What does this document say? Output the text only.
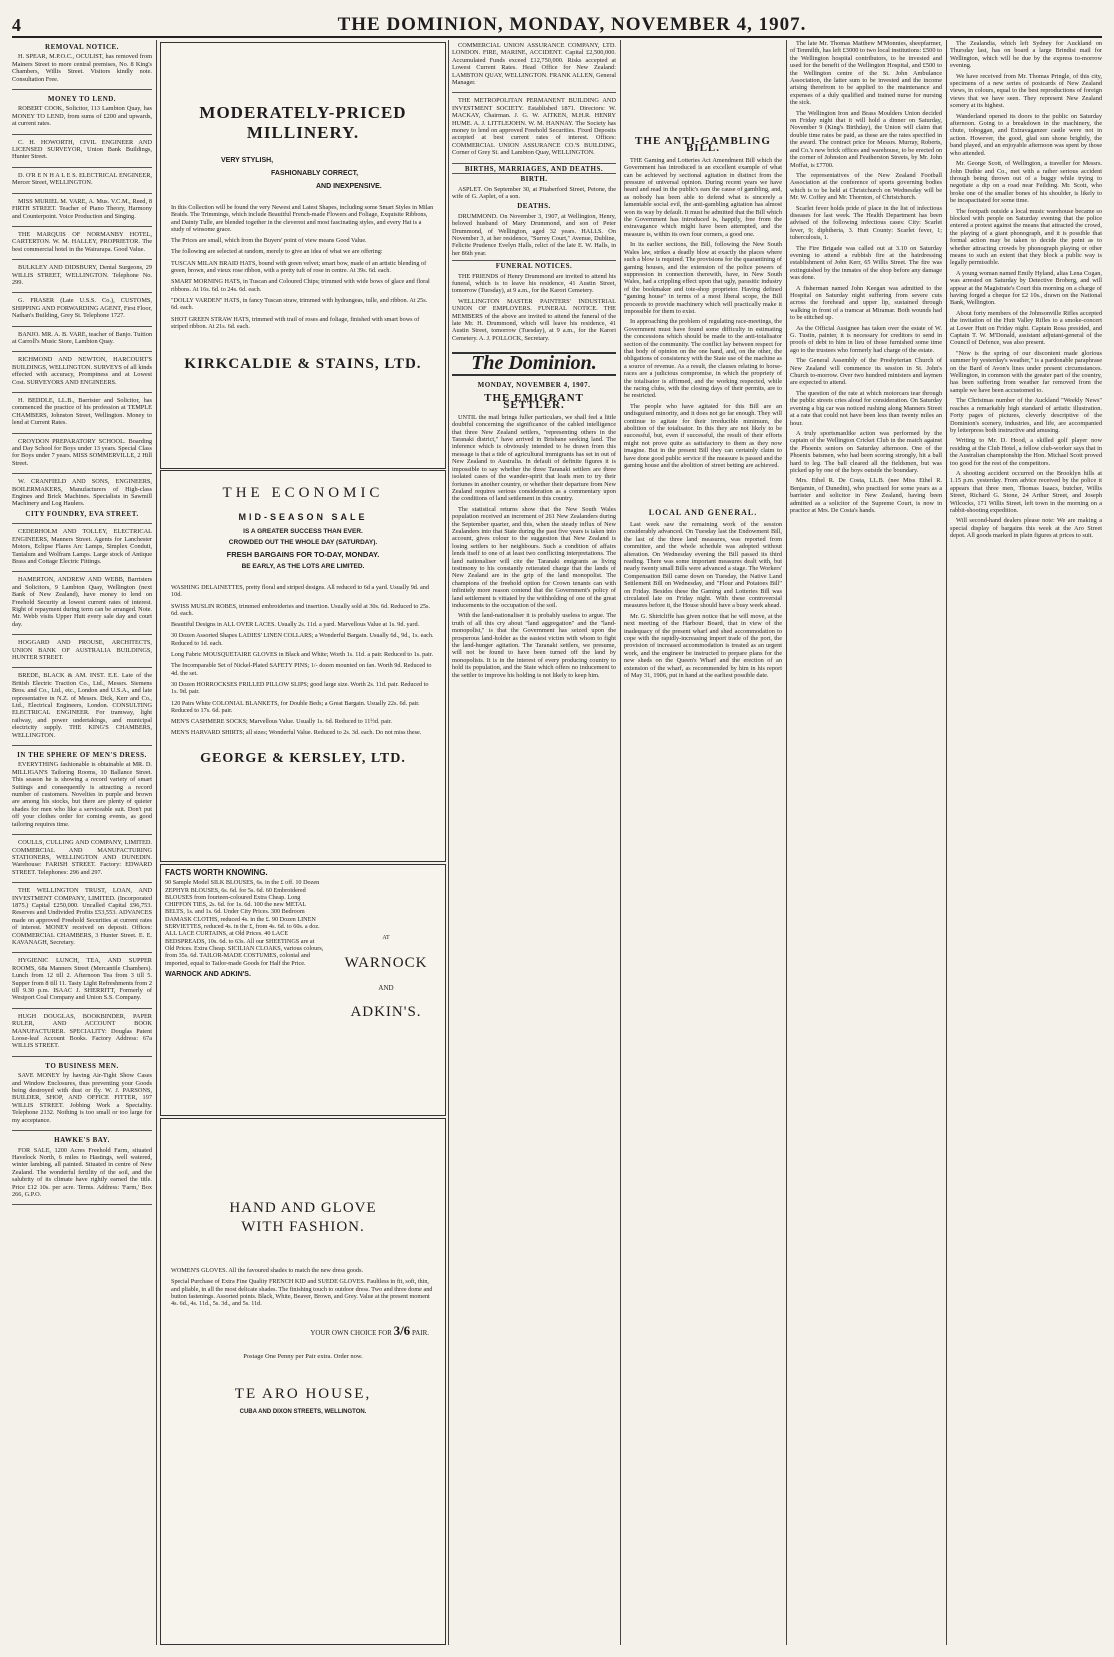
4	THE DOMINION, MONDAY, NOVEMBER 4, 1907.
REMOVAL NOTICE.

H. SPEAR, M.P.O.C., OCULIST, has removed from Mainers Street to more central premises, No. 8 King's Chambers, Willis Street. Visitors kindly note. Consultation Free.

MONEY TO LEND.

ROBERT COOK, Solicitor, 113 Lambton Quay, has MONEY TO LEND, from sums of £200 and upwards, at current rates.

C. H. HOWORTH, CIVIL ENGINEER AND LICENSED SURVEYOR, Union Bank Buildings, Hunter Street.

D. O'R E N H A L E S. ELECTRICAL ENGINEER, Mercer Street, WELLINGTON.

MISS MURIEL M. VARE, A. Mus. V.C.M., Reed, 8 FIRTH STREET. Teacher of Piano Theory, Harmony and Counterpoint. Voice Production and Singing.

THE MARQUIS OF NORMANBY HOTEL, CARTERTON. W. M. HALLEY, PROPRIETOR. The best commercial hotel in the Wairarapa. Good Value.

BULKLEY AND DIDSBURY, Dental Surgeons, 29 WILLIS STREET, WELLINGTON. Telephone No. 299.

G. FRASER (Late U.S.S. Co.), CUSTOMS, SHIPPING AND FORWARDING AGENT, First Floor, Nathan's Building, Grey St. Telephone 1727.

BANJO. MR. A. B. VARE, teacher of Banjo. Tuition at Carroll's Music Store, Lambton Quay.

RICHMOND AND NEWTON, HARCOURT'S BUILDINGS, WELLINGTON. SURVEYS of all kinds effected with accuracy, Promptness and at Lowest Cost. SURVEYORS AND ENGINEERS.

H. BEDDLE, LL.B., Barrister and Solicitor, has commenced the practice of his profession at TEMPLE CHAMBERS, Johnston Street, Wellington. Money to lend at Current Rates.

CROYDON PREPARATORY SCHOOL. Boarding and Day School for Boys under 13 years. Special Class for Boys under 7 years. MISS SOMMERVILLE, 2 Hill Street.

W. CRANFIELD AND SONS, ENGINEERS, BOILERMAKERS, Manufacturers of High-class Engines and Brick Machines. Specialists in Sawmill Machinery and Log Haulers.

CITY FOUNDRY, EVA STREET.

CEDERHOLM AND TOLLEY, ELECTRICAL ENGINEERS, Manners Street. Agents for Lanchester Motors, Eclipse Flares Arc Lamps, Simplex Conduit, Tantalum and Wolfram Lamps. Large stock of Antique Brass and Cottage Electric Fittings.

HAMERTON, ANDREW AND WEBB, Barristers and Solicitors, 9 Lambton Quay, Wellington (next Bank of New Zealand), have money to lend on Freehold Security at lowest current rates of interest. Right of repayment during term can be arranged. Note. Mr. Webb visits Upper Hutt every sale day and court day.

HOGGARD AND PROUSE, ARCHITECTS, UNION BANK OF AUSTRALIA BUILDINGS, HUNTER STREET.

BREDE, BLACK & AM. INST. E.E. Late of the British Electric Traction Co., Ltd., Messrs. Siemens Bros. and Co., Ltd., etc., London and U.S.A., and late representative in N.Z. of Messrs. Dick, Kerr and Co., Ltd., Electrical Engineers, London. CONSULTING ELECTRICAL ENGINEER. For tramway, light railway, and power undertakings, and municipal electricity supply. THE KING'S CHAMBERS, WELLINGTON.

IN THE SPHERE OF MEN'S DRESS.

EVERYTHING fashionable is obtainable at MR. D. MILLIGAN'S Tailoring Rooms, 10 Ballance Street. This season he is showing a record variety of smart Suitings and consequently is attracting a record number of customers. Novelties in purple and brown are among his stocks, but there are plenty of quieter shades for men who like a serviceable suit. Don't put off your clothes order for coming events, as good tailoring requires time.

COULLS, CULLING AND COMPANY, LIMITED. COMMERCIAL AND MANUFACTURING STATIONERS, WELLINGTON AND DUNEDIN. Warehouse: FARISH STREET. Factory: EDWARD STREET. Telephones: 296 and 297.

THE WELLINGTON TRUST, LOAN, AND INVESTMENT COMPANY, LIMITED. (Incorporated 1875.) Capital £250,000. Uncalled Capital £96,753. Reserves and Undivided Profits £53,553. ADVANCES made on approved Freehold Securities at current rates of interest. MONEY received on deposit. Offices: COMMERCIAL CHAMBERS, 3 Hunter Street. E. E. KAVANAGH, Secretary.

HYGIENIC LUNCH, TEA, AND SUPPER ROOMS, 68a Manners Street (Mercantile Chambers). Lunch from 12 till 2. Afternoon Tea from 3 till 5. Supper from 8 till 11. Tasty Light Refreshments from 2 till 9.30 p.m. ISAAC J. SHERRITT, Formerly of Westport Coal Company and Union S.S. Company.

HUGH DOUGLAS, BOOKBINDER, PAPER RULER, AND ACCOUNT BOOK MANUFACTURER. SPECIALITY: Douglas Patent Loose-leaf Account Books. Factory Address: 67a WILLIS STREET.

TO BUSINESS MEN.

SAVE MONEY by having Air-Tight Show Cases and Window Enclosures, thus preventing your Goods being destroyed with dust or fly. W. J. PARSONS, BUILDER, SHOP, AND OFFICE FITTER, 197 WILLIS STREET. Jobbing Work a Speciality. Telephone 2132. Nothing is too small or too large for my acceptance.

HAWKE'S BAY.

FOR SALE, 1200 Acres Freehold Farm, situated Havelock North, 6 miles to Hastings, well watered, winter lambing, all painted. Situated in centre of New Zealand. The wonderful fertility of the soil, and the salubrity of its climate have rightly earned the title. Price £12 10s. per acre. Terms. Address: 'Farm,' Box 266, G.P.O.

MODERATELY-PRICED MILLINERY.
VERY STYLISH,
FASHIONABLY CORRECT,
AND INEXPENSIVE.
In this Collection will be found the very Newest and Latest Shapes, including some Smart Styles in Milan Braids. The Trimmings, which include Beautiful French-made Flowers and Foliage, Exquisite Ribbons, and Dainty Tulle, are blended together in the cleverest and most fascinating styles, and every Hat is a study of winsome grace.
The Prices are small, which from the Buyers' point of view means Good Value.
The following are selected at random, merely to give an idea of what we are offering:
TUSCAN MILAN BRAID HATS, bound with green velvet; smart bow, made of an artistic blending of green, brown, and vieux rose ribbon, with a pretty tuft of rose in centre. At 39s. 6d. each.
SMART MORNING HATS, in Tuscan and Coloured Chips; trimmed with wide bows of glace and floral ribbons. At 16s. 6d. to 24s. 6d. each.
"DOLLY VARDEN" HATS, in fancy Tuscan straw, trimmed with hydrangeas, tulle, and ribbon. At 25s. 6d. each.
SHOT GREEN STRAW HATS, trimmed with trail of roses and foliage, finished with smart bows of striped ribbon. At 21s. 6d. each.
KIRKCALDIE & STAINS, LTD.
THE ECONOMIC
MID-SEASON SALE
IS A GREATER SUCCESS THAN EVER.
CROWDED OUT THE WHOLE DAY (SATURDAY).
FRESH BARGAINS FOR TO-DAY, MONDAY.
BE EARLY, AS THE LOTS ARE LIMITED.
WASHING DELAINETTES, pretty floral and striped designs. All reduced to 6d a yard. Usually 9d. and 10d.
SWISS MUSLIN ROBES, trimmed embroideries and insertion. Usually sold at 30s. 6d. Reduced to 25s. 6d. each.
Beautiful Designs in ALL OVER LACES. Usually 2s. 11d. a yard. Marvellous Value at 1s. 9d. yard.
30 Dozen Assorted Shapes LADIES' LINEN COLLARS; a Wonderful Bargain. Usually 6d., 9d., 1s. each. Reduced to 1d. each.
Long Fabric MOUSQUETAIRE GLOVES in Black and White; Worth 1s. 11d. a pair. Reduced to 1s. pair.
The Incomparable Set of Nickel-Plated SAFETY PINS; 1/- dozen mounted on fan. Worth 9d. Reduced to 4d. the set.
30 Dozen HORROCKSES FRILLED PILLOW SLIPS; good large size. Worth 2s. 11d. pair. Reduced to 1s. 9d. pair.
120 Pairs White COLONIAL BLANKETS, for Double Beds; a Great Bargain. Usually 22s. 6d. pair. Reduced to 17s. 6d. pair.
MEN'S CASHMERE SOCKS; Marvellous Value. Usually 1s. 6d. Reduced to 11½d. pair.
MEN'S HARVARD SHIRTS; all sizes; Wonderful Value. Reduced to 2s. 3d. each. Do not miss these.
GEORGE & KERSLEY, LTD.
FACTS WORTH KNOWING.
90 Sample Model SILK BLOUSES, 6s. in the £ off. 10 Dozen ZEPHYR BLOUSES, 6s. 6d. for 5s. 6d. 60 Embroidered BLOUSES from fourteen-coloured Extra Cheap. Long CHIFFON TIES, 2s. 6d. for 1s. 6d. 100 the new METAL BELTS, 1s. and 1s. 6d. Under City Prices. 300 Bedroom DAMASK CLOTHS, reduced 4s. in the £. 90 Dozen LINEN SERVIETTES, reduced 4s. in the £, from 4s. 6d. to 60s. a doz. ALL LACE CURTAINS, at Old Prices. 40 LACE BEDSPREADS, 10s. 6d. to 63s. All our SHEETINGS are at Old Prices. Extra Cheap. SICILIAN CLOAKS, various colours, from 35s. 6d. TAILOR-MADE COSTUMES, colonial and imported, equal to Tailor-made Goods for Half the Price.
WARNOCK AND ADKIN'S.
AT
WARNOCK
AND
ADKIN'S.
HAND AND GLOVE WITH FASHION.
WOMEN'S GLOVES. All the favoured shades to match the new dress goods.
Special Purchase of Extra Fine Quality FRENCH KID and SUEDE GLOVES. Faultless in fit, soft, thin, and pliable, in all the most delicate shades. The finishing touch to outdoor dress. Two and three dome and button fastenings. Assorted points. Black, White, Beaver, Brown, and Grey. Value at the present moment 4s. 6d., 4s. 11d., 5s. 3d., and 5s. 11d.
YOUR OWN CHOICE FOR 3/6 PAIR.
Postage One Penny per Pair extra. Order now.
TE ARO HOUSE,
CUBA AND DIXON STREETS, WELLINGTON.

COMMERCIAL UNION ASSURANCE COMPANY, LTD. LONDON. FIRE, MARINE, ACCIDENT. Capital £2,500,000. Accumulated Funds exceed £12,750,000. Risks accepted at Lowest Current Rates. Head Office for New Zealand: LAMBTON QUAY, WELLINGTON. FRANK ALLEN, General Manager.

THE METROPOLITAN PERMANENT BUILDING AND INVESTMENT SOCIETY. Established 1871. Directors: W. MACKAY, Chairman. J. G. W. AITKEN, M.H.R. HENRY HUME. A. J. LITTLEJOHN. W. M. HANNAY. The Society has money to lend on approved Freehold Securities. Fixed Deposits accepted at best current rates of interest. Offices: COMMERCIAL UNION ASSURANCE CO.'S BUILDING, Corner of Grey St. and Lambton Quay, WELLINGTON.

BIRTHS, MARRIAGES, AND DEATHS.
BIRTH.

ASPLET. On September 30, at Pitaberford Street, Petone, the wife of G. Asplet, of a son.

DEATHS.

DRUMMOND. On November 3, 1907, at Wellington, Henry, beloved husband of Mary Drummond, and son of Peter Drummond, of Wellington, aged 32 years. HALLS. On November 3, at her residence, "Surrey Court," Avenue, Dubline, Felicite Prudence Evelyn Halls, relict of the late E. W. Halls, in her 86th year.

FUNERAL NOTICES.

THE FRIENDS of Henry Drummond are invited to attend his funeral, which is to leave his residence, 41 Austin Street, tomorrow (Tuesday), at 9 a.m., for the Karori Cemetery.

WELLINGTON MASTER PAINTERS' INDUSTRIAL UNION OF EMPLOYERS. FUNERAL NOTICE. THE MEMBERS of the above are invited to attend the funeral of the late Mr. H. Drummond, which will leave his residence, 41 Austin Street, tomorrow (Tuesday), at 9 a.m., for the Karori Cemetery. A. J. POLLOCK, Secretary.

The Dominion.
MONDAY, NOVEMBER 4, 1907.
THE EMIGRANT SETTLER.

UNTIL the mail brings fuller particulars, we shall feel a little doubtful concerning the significance of the cabled intelligence that three New Zealand settlers, "representing others in the Taranaki district," have arrived in Brisbane seeking land. The inference which is obviously intended to be drawn from this message is that a tide of agricultural immigrants has set in out of New Zealand to Australia. In default of definite figures it is impossible to say whether the three Taranaki settlers are three isolated cases of the wander-spirit that leads men to try their fortunes in another country, or whether their departure from New Zealand requires serious consideration as a commentary upon the conditions of land settlement in this country.

The statistical returns show that the New South Wales population received an increment of 261 New Zealanders during the September quarter, and this, when the steady influx of New Zealanders into that State during the past five years is taken into account, gives colour to the suggestion that New Zealand is losing settlers to her neighbours. Such a condition of affairs lends itself to one of at least two conflicting interpretations. The land nationaliser will cite the Taranaki emigrants as living testimony to his constantly reiterated charge that the lands of New Zealand are in the grip of the land monopolist. The champions of the freehold option for Crown tenants can with infinitely more reason contend that the Government's policy of land settlement is vitiated by the withholding of one of the great inducements to the occupation of the soil.

With the land-nationaliser it is probably useless to argue. The truth of all this cry about "land aggregation" and the "land-monopolist," is that the Government has seized upon the prosperous land-holder as the easiest victim with whom to fight the land-hunger agitation. The Taranaki settlers, we presume, will not be found to have been turned off the land by monopolists. It is in the interest of every producing country to hold its population, and the State which offers no inducement to the settler to improve his holding is not likely to keep him.

THE ANTI-GAMBLING BILL.

THE Gaming and Lotteries Act Amendment Bill which the Government has introduced is an excellent example of what can be achieved by sectional agitation in distinct from the pressure of universal opinion. During recent years we have heard and read in the public's ears the cause of gambling, and, as nobody has been able to defend what is sincerely a lamentable social evil, the anti-gambling agitation has almost won its way by default. It must be admitted that the Bill which the Government has introduced is, happily, free from the extravagance which might have been attempted, and the measure is, within its own four corners, a good one.

In its earlier sections, the Bill, following the New South Wales law, strikes a deadly blow at exactly the places where such a blow is required. The provisions for the quarantining of gaming houses, and the extension of the police powers of suppression in connection therewith, have, in New South Wales, had a crippling effect upon that ugly, parasitic industry of the bookmaker and tote-shop proprietor. Having defined "gaming house" in terms of a most liberal scope, the Bill proceeds to provide machinery which will practically make it impossible for them to exist.

In approaching the problem of regulating race-meetings, the Government must have found some difficulty in estimating the concessions which should be made to the anti-totalisator section of the community. The conflict lay between respect for that body of opinion on the one hand, and, on the other, the obligations of consistency with the State use of the machine as a source of revenue. As a result, the clauses relating to horse-races are a judicious compromise, in which the propriety of the totalisator is affirmed, and the working respected, while the racing clubs, with the closing days of their permits, are to be restricted.

The people who have agitated for this Bill are an undisguised minority, and it does not go far enough. They will continue to agitate for their irreducible minimum, the abolition of the totalisator. In this they are not likely to be successful, but, even if successful, the result of their efforts might not prove quite as satisfactory to them as they now imagine. But in the present Bill they can certainly claim to have done good public service if the measure is passed and the gaming house and the abolition of street betting are achieved.

LOCAL AND GENERAL.

Last week saw the remaining work of the session considerably advanced. On Tuesday last the Endowment Bill, the last of the three land measures, was reported from committee, and the whole schedule was adopted without alteration. On Wednesday evening the Bill passed its third reading. There was some important measures dealt with, but nearly twenty small Bills were advanced a stage. The Workers' Compensation Bill came down on Tuesday, the Native Land Settlement Bill on Wednesday, and "Flour and Potatoes Bill" on Friday. Besides these the Gaming and Lotteries Bill was circulated late on Friday night. With these controversial measures before it, the House should have a busy week ahead.

Mr. G. Shirtcliffe has given notice that he will move, at the next meeting of the Harbour Board, that in view of the inadequacy of the present wharf and shed accommodation to cope with the rapidly-increasing import trade of the port, the provision of increased accommodation is treated as an urgent work, and the engineer be instructed to prepare plans for the new sheds on the Queen's Wharf and the erection of an extension of the wharf, as recommended by him in his report of May 31, 1906, put in hand at the earliest possible date.

The late Mr. Thomas Matthew M'Monnies, sheepfarmer, of Tenmilth, has left £3000 to two local institutions: £500 to the Wellington hospital contributors, to be invested and used for the benefit of the Wellington Hospital, and £500 to the Wellington centre of the St. John Ambulance Association, the latter sum to be invested and the income arising therefrom to be applied to the maintenance and expenses of a duly qualified and trained nurse for nursing the sick.

The Wellington Iron and Brass Moulders Union decided on Friday night that it will hold a dinner on Saturday, November 9 (King's Birthday), the Union will claim that double time rates be paid, as these are the rates specified in the award. The contract price for Messrs. Murray, Roberts, and Co.'s new brick offices and warehouse, to be erected on the corner of Johnston and Featherston Streets, by Mr. John Moffat, is £7700.

The representatives of the New Zealand Football Association at the conference of sports governing bodies which is to be held at Christchurch on Wednesday will be Mr. W. Coffey and Mr. Thornton, of Christchurch.

Scarlet fever holds pride of place in the list of infectious diseases for last week. The Health Department has been advised of the following infectious cases: City: Scarlet fever, 9; diphtheria, 3. Hutt County: Scarlet fever, 1; tuberculosis, 1.

The Fire Brigade was called out at 3.10 on Saturday evening to attend a rubbish fire at the hairdressing establishment of John Kerr, 65 Willis Street. The fire was extinguished by the inmates of the shop before any damage was done.

A fisherman named John Keegan was admitted to the Hospital on Saturday night suffering from severe cuts across the forehead and upper lip, sustained through walking in front of a tramcar at Miramar. Both wounds had to be stitched up.

As the Official Assignee has taken over the estate of W. G. Tustin, painter, it is necessary for creditors to send in proofs of debt to him in lieu of those furnished some time ago to the trustees who formerly had charge of the estate.

The General Assembly of the Presbyterian Church of New Zealand will commence its session in St. John's Church to-morrow. Over two hundred ministers and laymen are expected to attend.

The question of the rate at which motorcars tear through the public streets cries aloud for consideration. On Saturday evening a big car was noticed rushing along Manners Street at a rate that could not have been less than twenty miles an hour.

A truly sportsmanlike action was performed by the captain of the Wellington Cricket Club in the match against the Phoenix seniors on Saturday afternoon. One of the Phoenix batsmen, who had been scoring strongly, hit a ball hard to leg. The ball cleared all the fieldsmen, but was picked up by one of the boys outside the boundary.

Mrs. Ethel R. De Costa, LL.B. (nee Miss Ethel R. Benjamin, of Dunedin), who practised for some years as a barrister and solicitor in New Zealand, having been admitted as a solicitor of the Supreme Court, is now in practice at Mrs. De Costa's hands.

The Zealandia, which left Sydney for Auckland on Thursday last, has on board a large Brindisi mail for Wellington, which will be due by the express to-morrow evening.

We have received from Mr. Thomas Pringle, of this city, specimens of a new series of postcards of New Zealand views, in colours, equal to the best reproductions of foreign views that we have seen. They represent New Zealand scenery at its highest.

Wanderland opened its doors to the public on Saturday afternoon. Going to a breakdown in the machinery, the chute, toboggan, and Extravaganzer castle were not in action. However, the good, glad sun shone brightly, the band played, and an enjoyable afternoon was spent by those who attended.

Mr. George Scott, of Wellington, a traveller for Messrs. John Duthie and Co., met with a rather serious accident through being thrown out of a buggy while trying to negotiate a dip on a road near Feilding. Mr. Scott, who broke one of the smaller bones of his shoulder, is likely to be incapacitated for some time.

The footpath outside a local music warehouse became so blocked with people on Saturday evening that the police entered a protest against the means that attracted the crowd, the playing of a giant phonograph, and it is possible that formal action may be taken to decide the point as to whether attracting crowds by phonograph playing or other means to such an extent that they block a public way is legally permissible.

A young woman named Emily Hyland, alias Lena Cogan, was arrested on Saturday by Detective Broberg, and will appear at the Magistrate's Court this morning on a charge of having forged a cheque for £2 10s., drawn on the National Bank, Wellington.

About forty members of the Johnsonville Rifles accepted the invitation of the Hutt Valley Rifles to a smoke-concert at Lower Hutt on Friday night. Captain Rosa presided, and Captain T. W. M'Donald, assistant adjutant-general of the Council of Defence, was also present.

"Now is the spring of our discontent made glorious summer by yesterday's weather," is a pardonable paraphrase on the Bard of Avon's lines under present circumstances. Wellington, in common with the greater part of the country, has been suffering from weather far removed from the sample we have been accustomed to.

The Christmas number of the Auckland "Weekly News" reaches a remarkably high standard of artistic illustration. Forty pages of pictures, cleverly descriptive of the Dominion's scenery, industries, and life, are accompanied by letterpress both instructive and amusing.

Writing to Mr. D. Hood, a skilled golf player now residing at the Club Hotel, a fellow club-worker says that in the Australian championship the Hon. Michael Scott proved too good for the rest of the competitors.

A shooting accident occurred on the Brooklyn hills at 1.15 p.m. yesterday. From advice received by the police it appears that three men, Thomas Isaacs, butcher, Willis Street, Richard G. Stone, 24 Arthur Street, and Joseph Wilcocks, 171 Willis Street, left town in the morning on a rabbit-shooting expedition.

Will second-hand dealers please note: We are making a special display of bargains this week at the Aro Street depot. All goods marked in plain figures at prices to suit.
